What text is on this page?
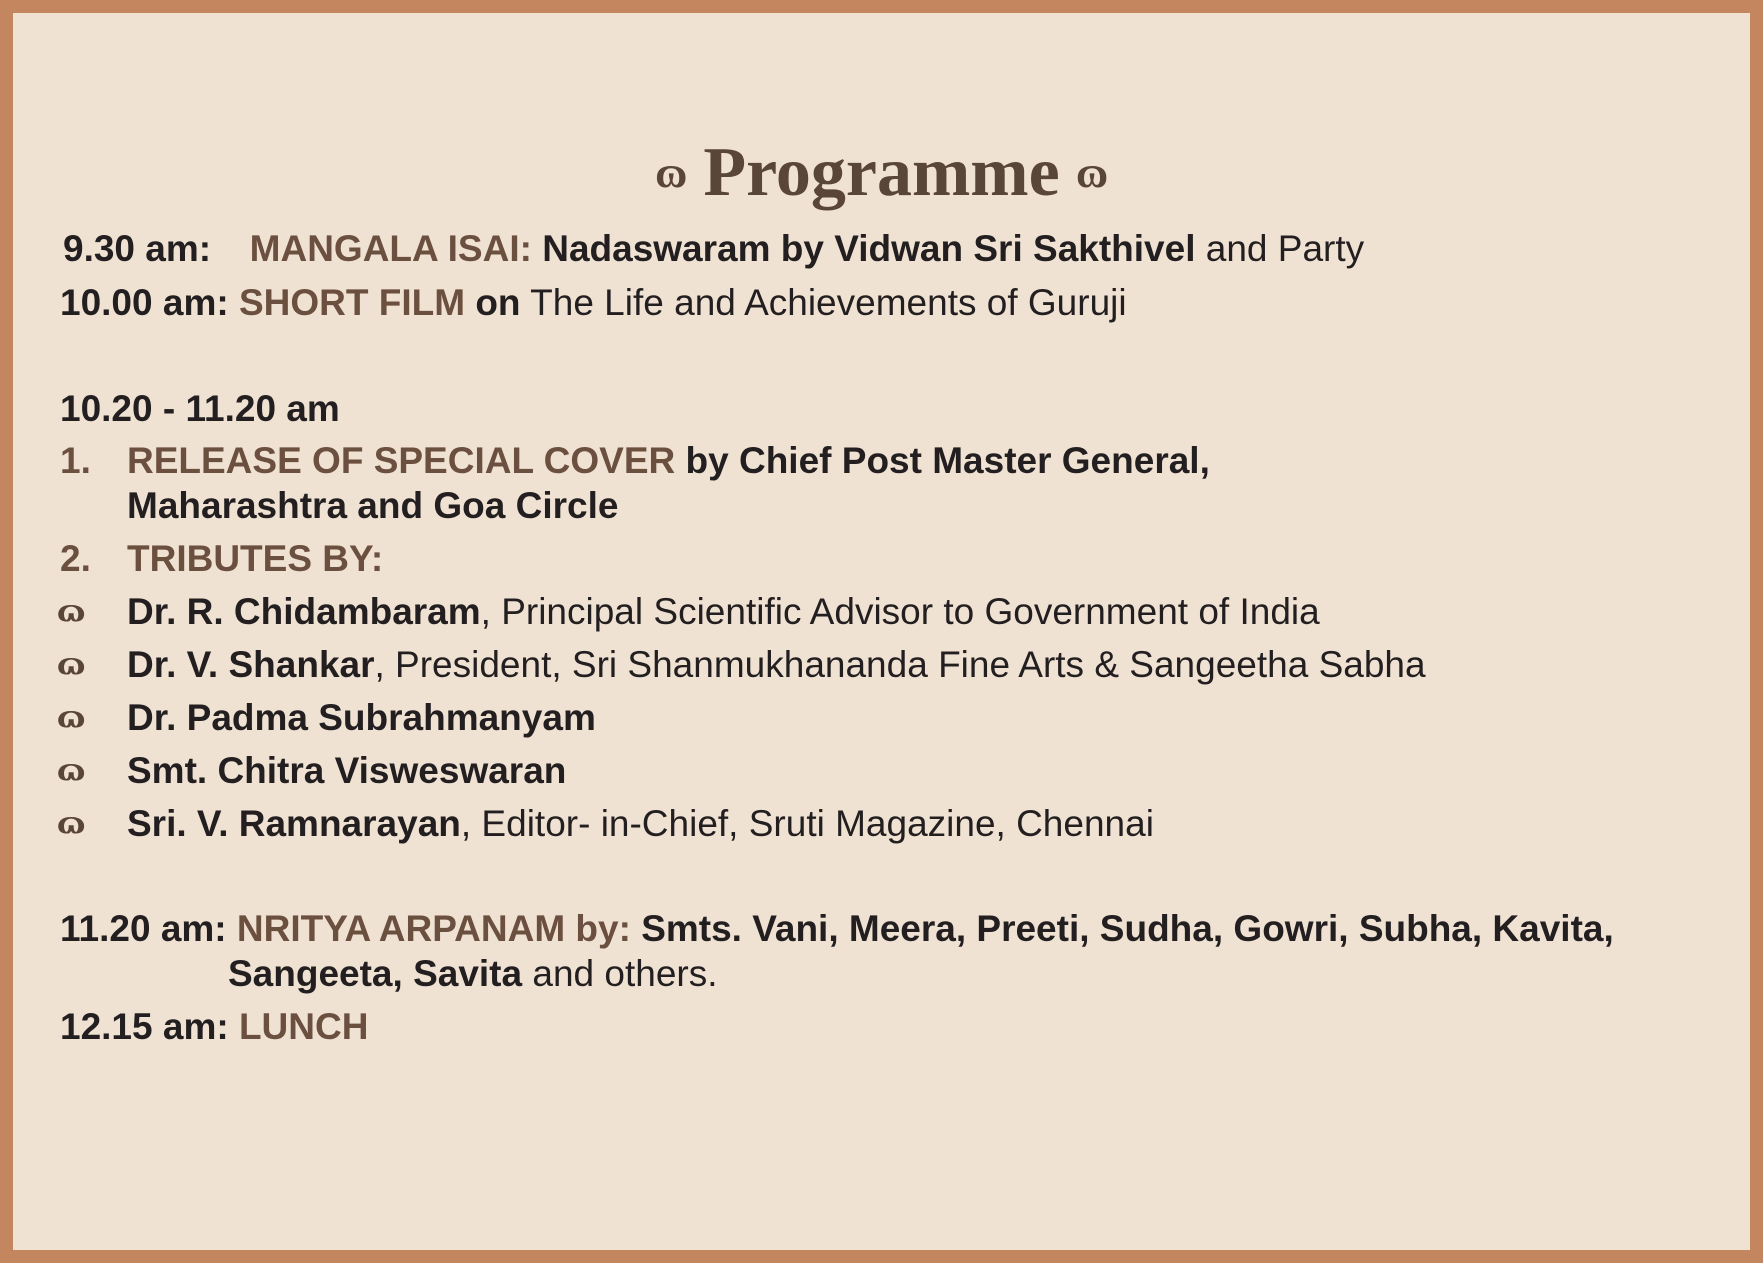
ɷ Programme ɷ
9.30 am: MANGALA ISAI: Nadaswaram by Vidwan Sri Sakthivel and Party
10.00 am: SHORT FILM on The Life and Achievements of Guruji
10.20 - 11.20 am
1. RELEASE OF SPECIAL COVER by Chief Post Master General,
Maharashtra and Goa Circle
2. TRIBUTES BY:
ɷ Dr. R. Chidambaram, Principal Scientific Advisor to Government of India
ɷ Dr. V. Shankar, President, Sri Shanmukhananda Fine Arts & Sangeetha Sabha
ɷ Dr. Padma Subrahmanyam
ɷ Smt. Chitra Visweswaran
ɷ Sri. V. Ramnarayan, Editor- in-Chief, Sruti Magazine, Chennai
11.20 am: NRITYA ARPANAM by: Smts. Vani, Meera, Preeti, Sudha, Gowri, Subha, Kavita,
Sangeeta, Savita and others.
12.15 am: LUNCH
